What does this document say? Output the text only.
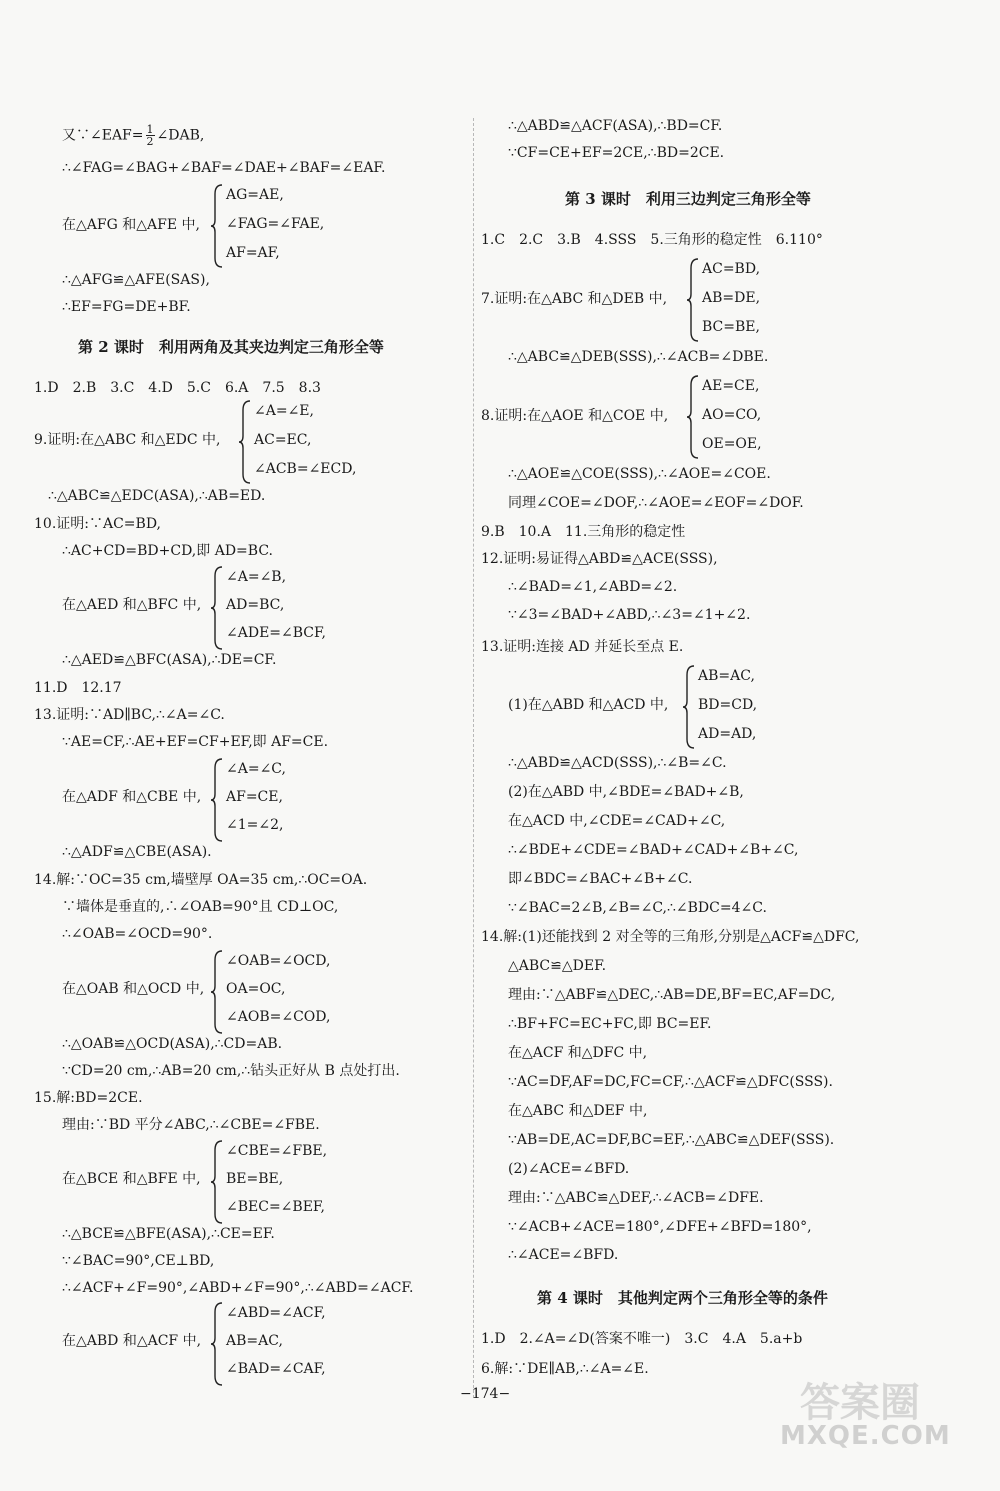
又∵∠EAF= $\frac{1}{2}$ ∠DAB,
∴∠FAG=∠BAG+∠BAF=∠DAE+∠BAF=∠EAF.
在△AFG 和△AFE 中,
AG=AE,
∠FAG=∠FAE,
AF=AF,
∴△AFG≌△AFE(SAS),
∴EF=FG=DE+BF.
第 2 课时　利用两角及其夹边判定三角形全等
1.D　2.B　3.C　4.D　5.C　6.A　7.5　8.3
9.证明:在△ABC 和△EDC 中,
∠A=∠E,
AC=EC,
∠ACB=∠ECD,
∴△ABC≌△EDC(ASA),∴AB=ED.
10.证明:∵AC=BD,
∴AC+CD=BD+CD,即 AD=BC.
在△AED 和△BFC 中,
∠A=∠B,
AD=BC,
∠ADE=∠BCF,
∴△AED≌△BFC(ASA),∴DE=CF.
11.D　12.17
13.证明:∵AD∥BC,∴∠A=∠C.
∵AE=CF,∴AE+EF=CF+EF,即 AF=CE.
在△ADF 和△CBE 中,
∠A=∠C,
AF=CE,
∠1=∠2,
∴△ADF≌△CBE(ASA).
14.解:∵OC=35 cm,墙壁厚 OA=35 cm,∴OC=OA.
∵墙体是垂直的,∴∠OAB=90°且 CD⊥OC,
∴∠OAB=∠OCD=90°.
在△OAB 和△OCD 中,
∠OAB=∠OCD,
OA=OC,
∠AOB=∠COD,
∴△OAB≌△OCD(ASA),∴CD=AB.
∵CD=20 cm,∴AB=20 cm,∴钻头正好从 B 点处打出.
15.解:BD=2CE.
理由:∵BD 平分∠ABC,∴∠CBE=∠FBE.
在△BCE 和△BFE 中,
∠CBE=∠FBE,
BE=BE,
∠BEC=∠BEF,
∴△BCE≌△BFE(ASA),∴CE=EF.
∵∠BAC=90°,CE⊥BD,
∴∠ACF+∠F=90°,∠ABD+∠F=90°,∴∠ABD=∠ACF.
在△ABD 和△ACF 中,
∠ABD=∠ACF,
AB=AC,
∠BAD=∠CAF,
∴△ABD≌△ACF(ASA),∴BD=CF.
∵CF=CE+EF=2CE,∴BD=2CE.
第 3 课时　利用三边判定三角形全等
1.C　2.C　3.B　4.SSS　5.三角形的稳定性　6.110°
7.证明:在△ABC 和△DEB 中,
AC=BD,
AB=DE,
BC=BE,
∴△ABC≌△DEB(SSS),∴∠ACB=∠DBE.
8.证明:在△AOE 和△COE 中,
AE=CE,
AO=CO,
OE=OE,
∴△AOE≌△COE(SSS),∴∠AOE=∠COE.
同理∠COE=∠DOF,∴∠AOE=∠EOF=∠DOF.
9.B　10.A　11.三角形的稳定性
12.证明:易证得△ABD≌△ACE(SSS),
∴∠BAD=∠1,∠ABD=∠2.
∵∠3=∠BAD+∠ABD,∴∠3=∠1+∠2.
13.证明:连接 AD 并延长至点 E.
(1)在△ABD 和△ACD 中,
AB=AC,
BD=CD,
AD=AD,
∴△ABD≌△ACD(SSS),∴∠B=∠C.
(2)在△ABD 中,∠BDE=∠BAD+∠B,
在△ACD 中,∠CDE=∠CAD+∠C,
∴∠BDE+∠CDE=∠BAD+∠CAD+∠B+∠C,
即∠BDC=∠BAC+∠B+∠C.
∵∠BAC=2∠B,∠B=∠C,∴∠BDC=4∠C.
14.解:(1)还能找到 2 对全等的三角形,分别是△ACF≌△DFC,
△ABC≌△DEF.
理由:∵△ABF≌△DEC,∴AB=DE,BF=EC,AF=DC,
∴BF+FC=EC+FC,即 BC=EF.
在△ACF 和△DFC 中,
∵AC=DF,AF=DC,FC=CF,∴△ACF≌△DFC(SSS).
在△ABC 和△DEF 中,
∵AB=DE,AC=DF,BC=EF,∴△ABC≌△DEF(SSS).
(2)∠ACE=∠BFD.
理由:∵△ABC≌△DEF,∴∠ACB=∠DFE.
∵∠ACB+∠ACE=180°,∠DFE+∠BFD=180°,
∴∠ACE=∠BFD.
第 4 课时　其他判定两个三角形全等的条件
1.D　2.∠A=∠D(答案不唯一)　3.C　4.A　5.a+b
6.解:∵DE∥AB,∴∠A=∠E.
−174−	答案圈
MXQE.COM
